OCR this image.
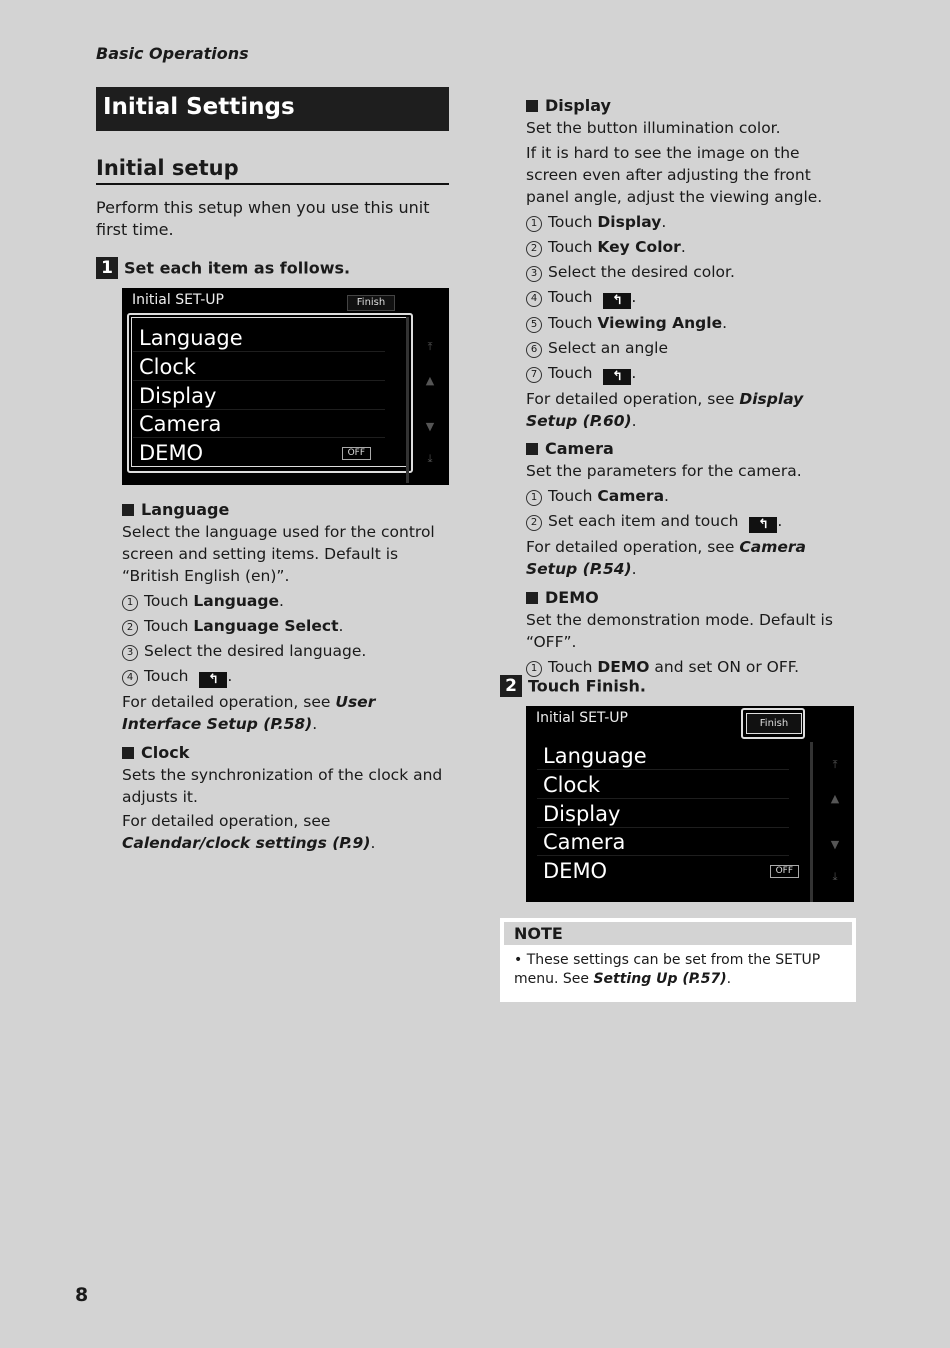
Basic Operations
Initial Settings
Initial setup
Perform this setup when you use this unit first time.
1 Set each item as follows.
Initial SET-UP	Finish
Language
Clock
Display
Camera
DEMO	OFF
⤒
▲
▼
⤓
Language
Select the language used for the control screen and setting items. Default is “British English (en)”.
1 Touch Language.
2 Touch Language Select.
3 Select the desired language.
4 Touch ↰ .
For detailed operation, see User Interface Setup (P.58).
Clock
Sets the synchronization of the clock and adjusts it.
For detailed operation, see Calendar/clock settings (P.9).
Display
Set the button illumination color.
If it is hard to see the image on the screen even after adjusting the front panel angle, adjust the viewing angle.
1 Touch Display.
2 Touch Key Color.
3 Select the desired color.
4 Touch ↰ .
5 Touch Viewing Angle.
6 Select an angle
7 Touch ↰ .
For detailed operation, see Display Setup (P.60).
Camera
Set the parameters for the camera.
1 Touch Camera.
2 Set each item and touch ↰ .
For detailed operation, see Camera Setup (P.54).
DEMO
Set the demonstration mode. Default is “OFF”.
1 Touch DEMO and set ON or OFF.
2 Touch Finish.
Initial SET-UP	Finish
Language
Clock
Display
Camera
DEMO	OFF
⤒
▲
▼
⤓
NOTE
• These settings can be set from the SETUP menu. See Setting Up (P.57).
8
